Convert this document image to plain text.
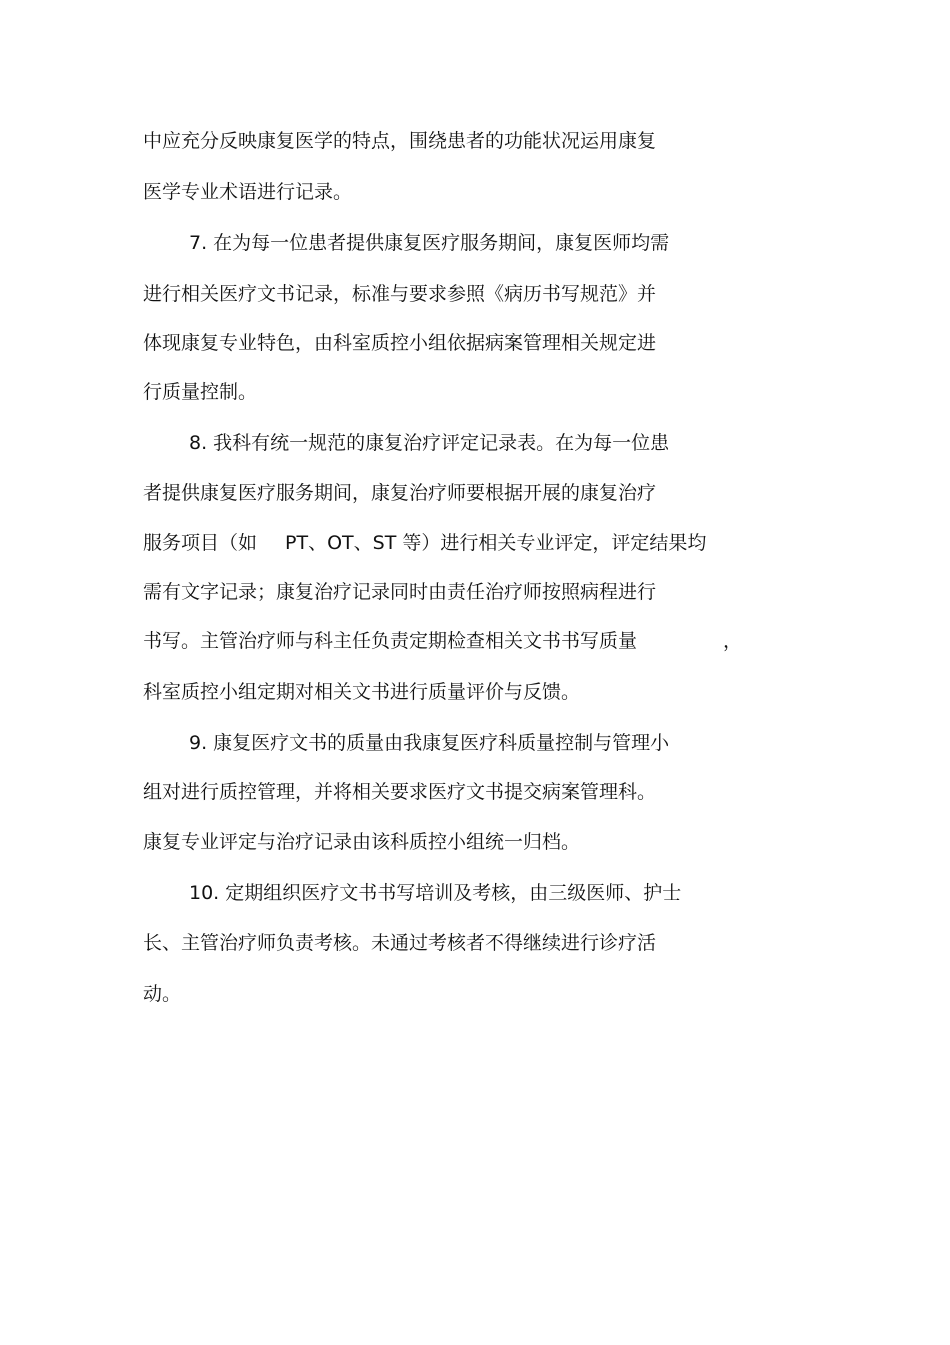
中应充分反映康复医学的特点，围绕患者的功能状况运用康复
医学专业术语进行记录。
7. 在为每一位患者提供康复医疗服务期间，康复医师均需
进行相关医疗文书记录，标准与要求参照《病历书写规范》并
体现康复专业特色，由科室质控小组依据病案管理相关规定进
行质量控制。
8. 我科有统一规范的康复治疗评定记录表。在为每一位患
者提供康复医疗服务期间，康复治疗师要根据开展的康复治疗
服务项目（如 PT、OT、ST 等）进行相关专业评定，评定结果均
需有文字记录；康复治疗记录同时由责任治疗师按照病程进行
书写。主管治疗师与科主任负责定期检查相关文书书写质量	，
科室质控小组定期对相关文书进行质量评价与反馈。
9. 康复医疗文书的质量由我康复医疗科质量控制与管理小
组对进行质控管理，并将相关要求医疗文书提交病案管理科。
康复专业评定与治疗记录由该科质控小组统一归档。
10. 定期组织医疗文书书写培训及考核，由三级医师、护士
长、主管治疗师负责考核。未通过考核者不得继续进行诊疗活
动。
